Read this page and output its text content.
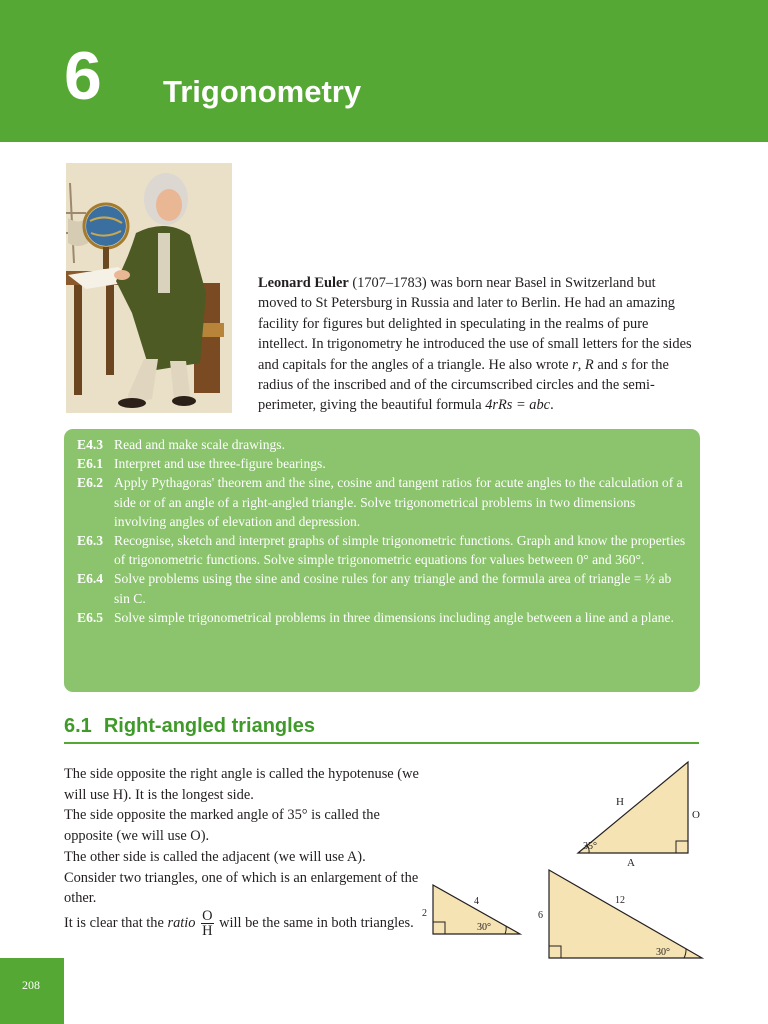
6 Trigonometry
Leonard Euler (1707–1783) was born near Basel in Switzerland but moved to St Petersburg in Russia and later to Berlin. He had an amazing facility for figures but delighted in speculating in the realms of pure intellect. In trigonometry he introduced the use of small letters for the sides and capitals for the angles of a triangle. He also wrote r, R and s for the radius of the inscribed and of the circumscribed circles and the semi-perimeter, giving the beautiful formula 4rRs = abc.
E4.3 Read and make scale drawings.
E6.1 Interpret and use three-figure bearings.
E6.2 Apply Pythagoras' theorem and the sine, cosine and tangent ratios for acute angles to the calculation of a side or of an angle of a right-angled triangle. Solve trigonometrical problems in two dimensions involving angles of elevation and depression.
E6.3 Recognise, sketch and interpret graphs of simple trigonometric functions. Graph and know the properties of trigonometric functions. Solve simple trigonometric equations for values between 0° and 360°.
E6.4 Solve problems using the sine and cosine rules for any triangle and the formula area of triangle = ½ ab sin C.
E6.5 Solve simple trigonometrical problems in three dimensions including angle between a line and a plane.
6.1 Right-angled triangles
The side opposite the right angle is called the hypotenuse (we will use H). It is the longest side.
The side opposite the marked angle of 35° is called the opposite (we will use O).
The other side is called the adjacent (we will use A).
Consider two triangles, one of which is an enlargement of the other.
It is clear that the ratio $\frac{O}{H}$ will be the same in both triangles.
H
O
A
35°
4
2
30°
12
6
30°
208
